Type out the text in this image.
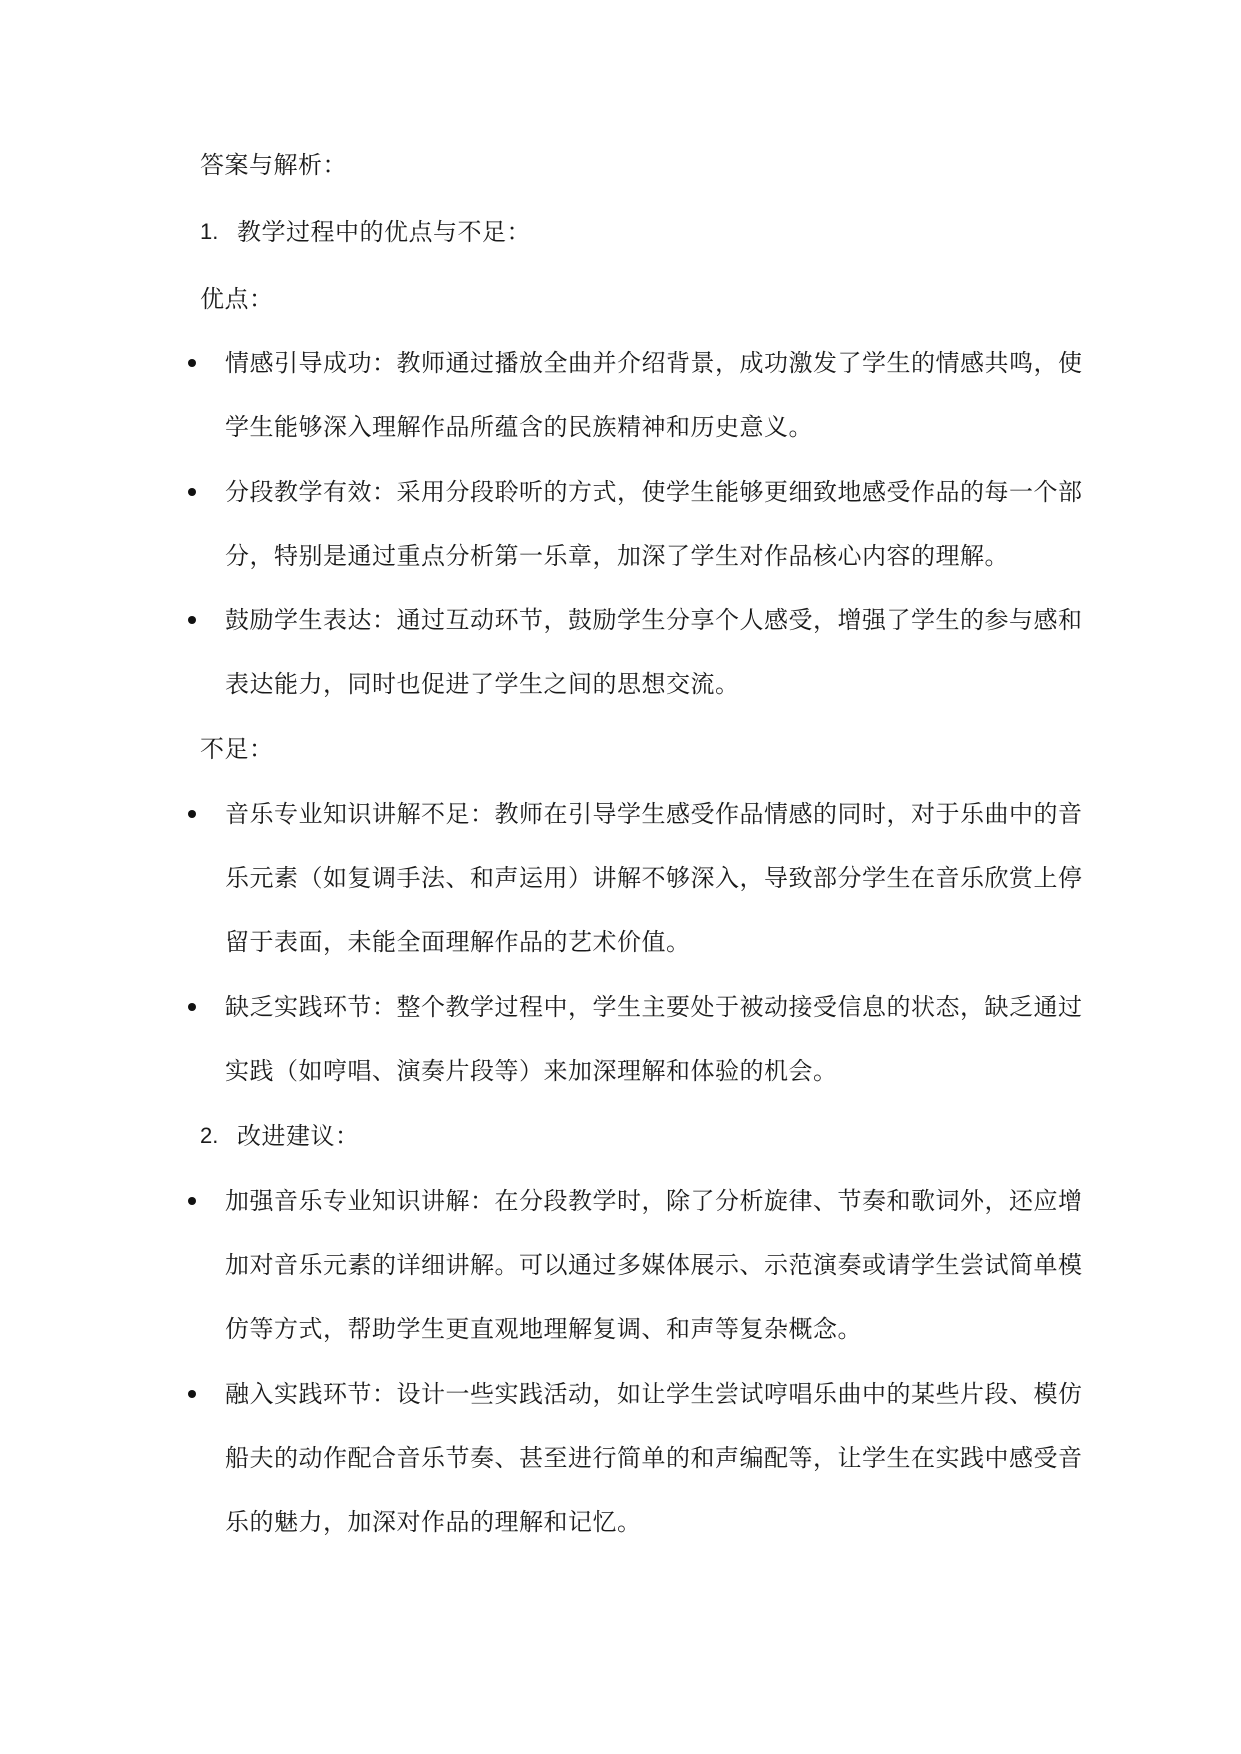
答案与解析：
1. 教学过程中的优点与不足：
优点：
情感引导成功：教师通过播放全曲并介绍背景，成功激发了学生的情感共鸣，使
学生能够深入理解作品所蕴含的民族精神和历史意义。
分段教学有效：采用分段聆听的方式，使学生能够更细致地感受作品的每一个部
分，特别是通过重点分析第一乐章，加深了学生对作品核心内容的理解。
鼓励学生表达：通过互动环节，鼓励学生分享个人感受，增强了学生的参与感和
表达能力，同时也促进了学生之间的思想交流。
不足：
音乐专业知识讲解不足：教师在引导学生感受作品情感的同时，对于乐曲中的音
乐元素（如复调手法、和声运用）讲解不够深入，导致部分学生在音乐欣赏上停
留于表面，未能全面理解作品的艺术价值。
缺乏实践环节：整个教学过程中，学生主要处于被动接受信息的状态，缺乏通过
实践（如哼唱、演奏片段等）来加深理解和体验的机会。
2. 改进建议：
加强音乐专业知识讲解：在分段教学时，除了分析旋律、节奏和歌词外，还应增
加对音乐元素的详细讲解。可以通过多媒体展示、示范演奏或请学生尝试简单模
仿等方式，帮助学生更直观地理解复调、和声等复杂概念。
融入实践环节：设计一些实践活动，如让学生尝试哼唱乐曲中的某些片段、模仿
船夫的动作配合音乐节奏、甚至进行简单的和声编配等，让学生在实践中感受音
乐的魅力，加深对作品的理解和记忆。
